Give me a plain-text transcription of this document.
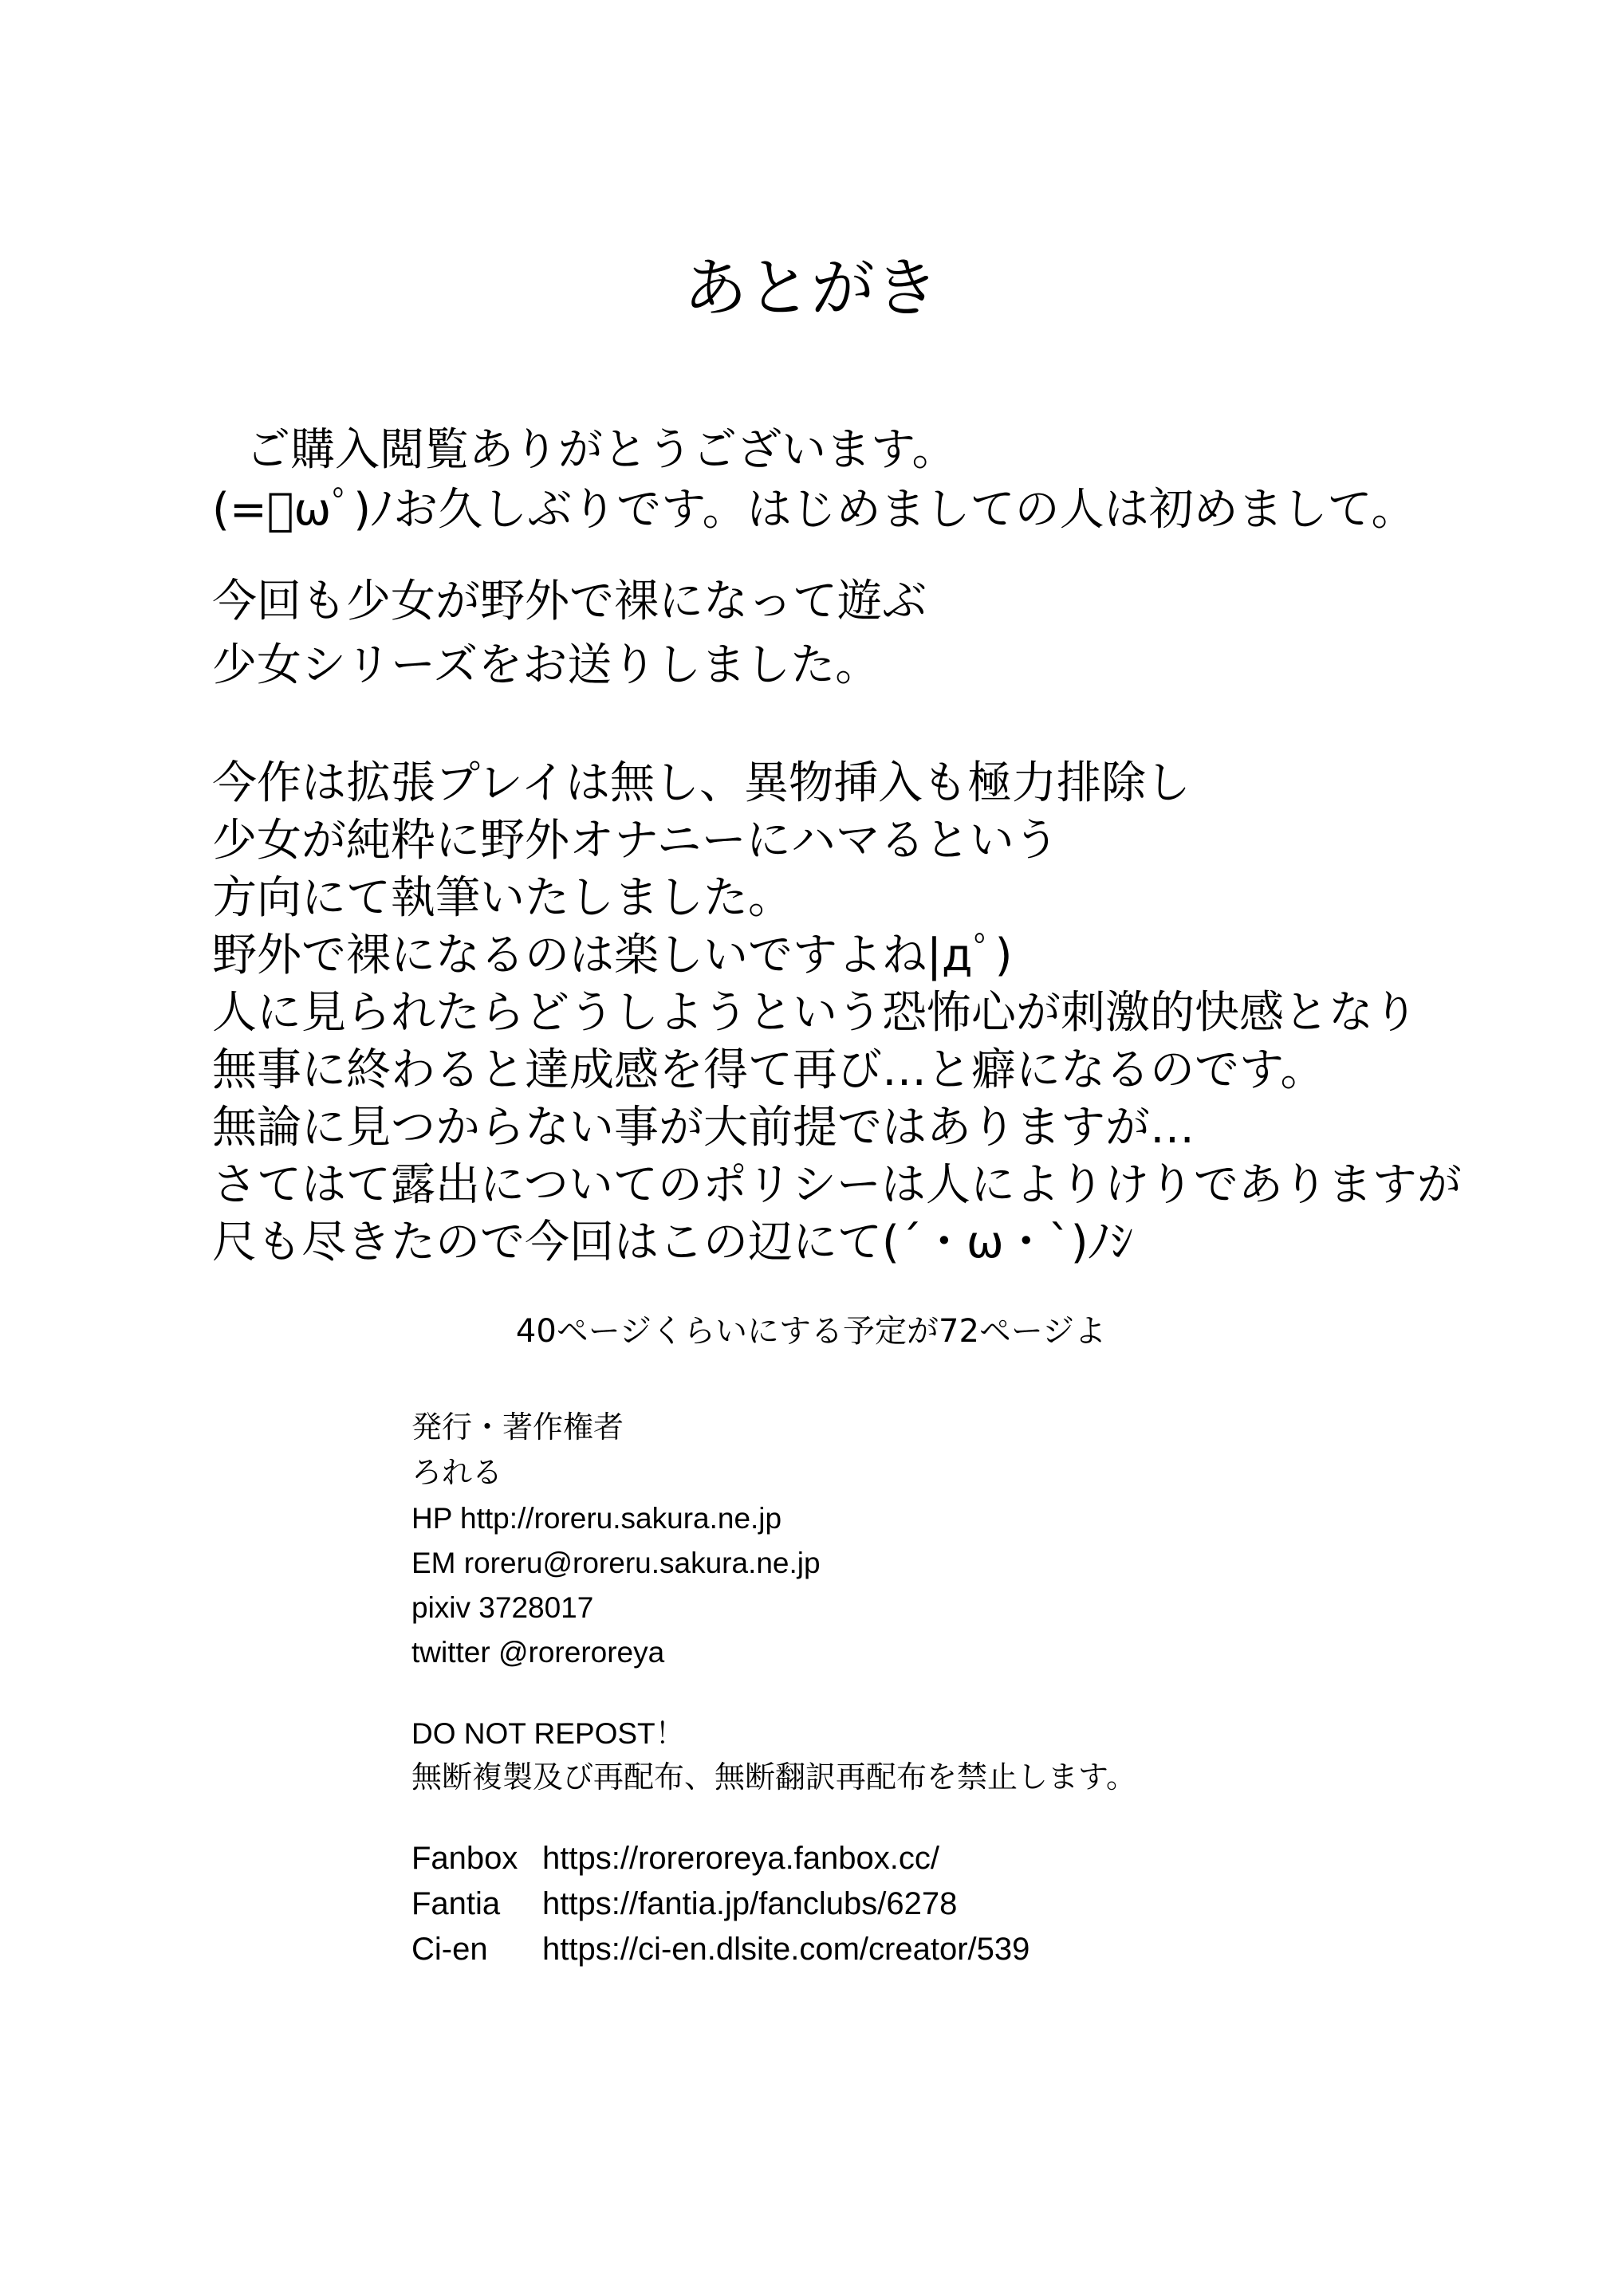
あとがき
ご購入閲覧ありがとうございます。
(=ﾟωﾟ)ﾉお久しぶりです。はじめましての人は初めまして。
今回も少女が野外で裸になって遊ぶ
少女シリーズをお送りしました。
今作は拡張プレイは無し、異物挿入も極力排除し
少女が純粋に野外オナニーにハマるという
方向にて執筆いたしました。
野外で裸になるのは楽しいですよね|дﾟ)
人に見られたらどうしようという恐怖心が刺激的快感となり
無事に終わると達成感を得て再び…と癖になるのです。
無論に見つからない事が大前提ではありますが…
さてはて露出についてのポリシーは人によりけりでありますが
尺も尽きたので今回はこの辺にて(´・ω・`)ﾉｼ
40ページくらいにする予定が72ページよ
発行・著作権者
ろれる
HP http://roreru.sakura.ne.jp
EM roreru@roreru.sakura.ne.jp
pixiv 3728017
twitter @roreroreya
DO NOT REPOST！
無断複製及び再配布、無断翻訳再配布を禁止します。
Fanbox https://roreroreya.fanbox.cc/
Fantia https://fantia.jp/fanclubs/6278
Ci-en https://ci-en.dlsite.com/creator/539
